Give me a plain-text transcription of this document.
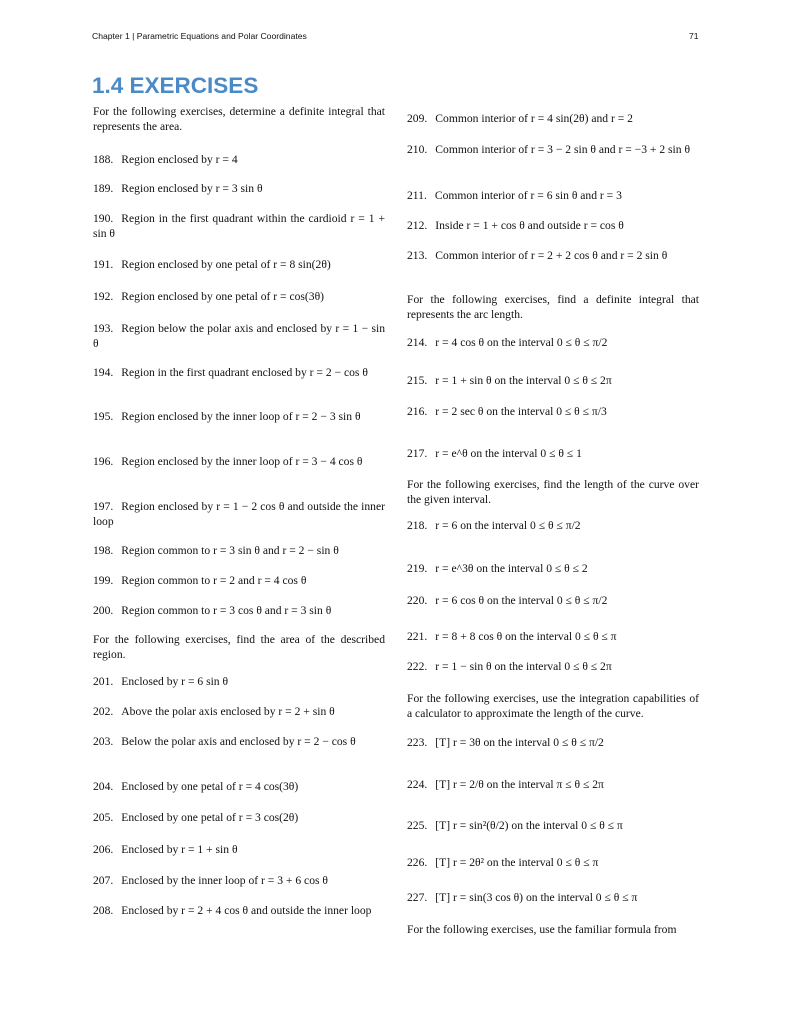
Chapter 1 | Parametric Equations and Polar Coordinates	71
1.4 EXERCISES
For the following exercises, determine a definite integral that represents the area.
188. Region enclosed by r = 4
189. Region enclosed by r = 3 sin θ
190. Region in the first quadrant within the cardioid r = 1 + sin θ
191. Region enclosed by one petal of r = 8 sin(2θ)
192. Region enclosed by one petal of r = cos(3θ)
193. Region below the polar axis and enclosed by r = 1 − sin θ
194. Region in the first quadrant enclosed by r = 2 − cos θ
195. Region enclosed by the inner loop of r = 2 − 3 sin θ
196. Region enclosed by the inner loop of r = 3 − 4 cos θ
197. Region enclosed by r = 1 − 2 cos θ and outside the inner loop
198. Region common to r = 3 sin θ and r = 2 − sin θ
199. Region common to r = 2 and r = 4 cos θ
200. Region common to r = 3 cos θ and r = 3 sin θ
For the following exercises, find the area of the described region.
201. Enclosed by r = 6 sin θ
202. Above the polar axis enclosed by r = 2 + sin θ
203. Below the polar axis and enclosed by r = 2 − cos θ
204. Enclosed by one petal of r = 4 cos(3θ)
205. Enclosed by one petal of r = 3 cos(2θ)
206. Enclosed by r = 1 + sin θ
207. Enclosed by the inner loop of r = 3 + 6 cos θ
208. Enclosed by r = 2 + 4 cos θ and outside the inner loop
209. Common interior of r = 4 sin(2θ) and r = 2
210. Common interior of r = 3 − 2 sin θ and r = −3 + 2 sin θ
211. Common interior of r = 6 sin θ and r = 3
212. Inside r = 1 + cos θ and outside r = cos θ
213. Common interior of r = 2 + 2 cos θ and r = 2 sin θ
For the following exercises, find a definite integral that represents the arc length.
214. r = 4 cos θ on the interval 0 ≤ θ ≤ π/2
215. r = 1 + sin θ on the interval 0 ≤ θ ≤ 2π
216. r = 2 sec θ on the interval 0 ≤ θ ≤ π/3
217. r = e^θ on the interval 0 ≤ θ ≤ 1
For the following exercises, find the length of the curve over the given interval.
218. r = 6 on the interval 0 ≤ θ ≤ π/2
219. r = e^3θ on the interval 0 ≤ θ ≤ 2
220. r = 6 cos θ on the interval 0 ≤ θ ≤ π/2
221. r = 8 + 8 cos θ on the interval 0 ≤ θ ≤ π
222. r = 1 − sin θ on the interval 0 ≤ θ ≤ 2π
For the following exercises, use the integration capabilities of a calculator to approximate the length of the curve.
223. [T] r = 3θ on the interval 0 ≤ θ ≤ π/2
224. [T] r = 2/θ on the interval π ≤ θ ≤ 2π
225. [T] r = sin²(θ/2) on the interval 0 ≤ θ ≤ π
226. [T] r = 2θ² on the interval 0 ≤ θ ≤ π
227. [T] r = sin(3 cos θ) on the interval 0 ≤ θ ≤ π
For the following exercises, use the familiar formula from
